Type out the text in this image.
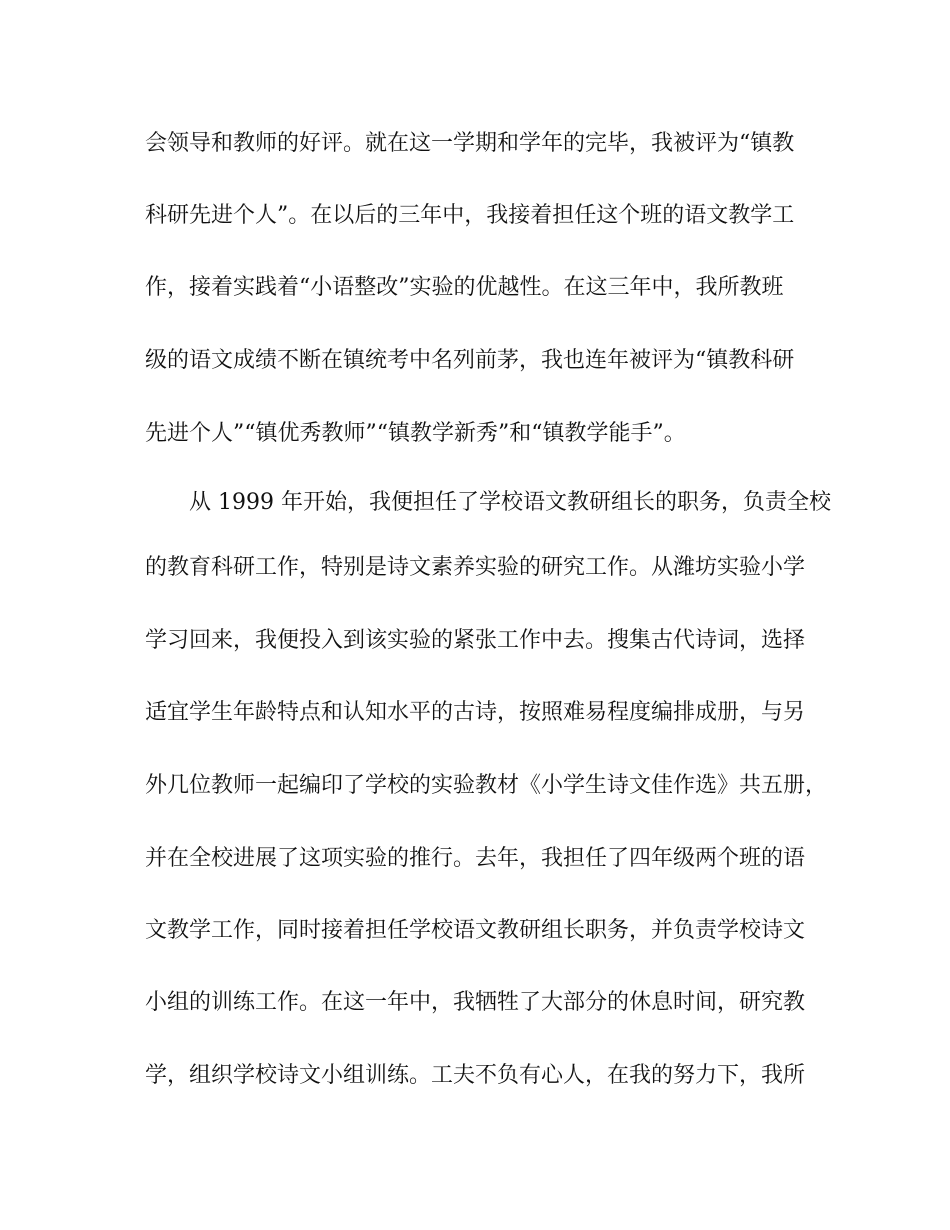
会领导和教师的好评。就在这一学期和学年的完毕，我被评为“镇教
科研先进个人”。在以后的三年中，我接着担任这个班的语文教学工
作，接着实践着“小语整改”实验的优越性。在这三年中，我所教班
级的语文成绩不断在镇统考中名列前茅，我也连年被评为“镇教科研
先进个人”“镇优秀教师”“镇教学新秀”和“镇教学能手”。
从 1999 年开始，我便担任了学校语文教研组长的职务，负责全校
的教育科研工作，特别是诗文素养实验的研究工作。从潍坊实验小学
学习回来，我便投入到该实验的紧张工作中去。搜集古代诗词，选择
适宜学生年龄特点和认知水平的古诗，按照难易程度编排成册，与另
外几位教师一起编印了学校的实验教材《小学生诗文佳作选》共五册，
并在全校进展了这项实验的推行。去年，我担任了四年级两个班的语
文教学工作，同时接着担任学校语文教研组长职务，并负责学校诗文
小组的训练工作。在这一年中，我牺牲了大部分的休息时间，研究教
学，组织学校诗文小组训练。工夫不负有心人，在我的努力下，我所
